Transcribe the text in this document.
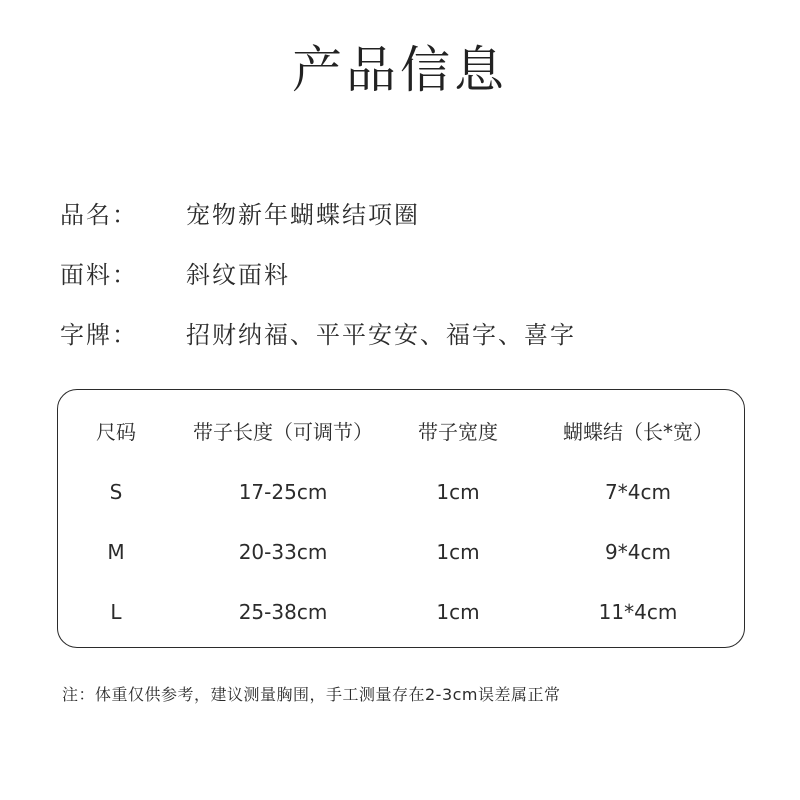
产品信息
品名：	宠物新年蝴蝶结项圈
面料：	斜纹面料
字牌：	招财纳福、平平安安、福字、喜字
尺码	带子长度（可调节）	带子宽度	蝴蝶结（长*宽）
S	17-25cm	1cm	7*4cm
M	20-33cm	1cm	9*4cm
L	25-38cm	1cm	11*4cm
注：体重仅供参考，建议测量胸围，手工测量存在2-3cm误差属正常
